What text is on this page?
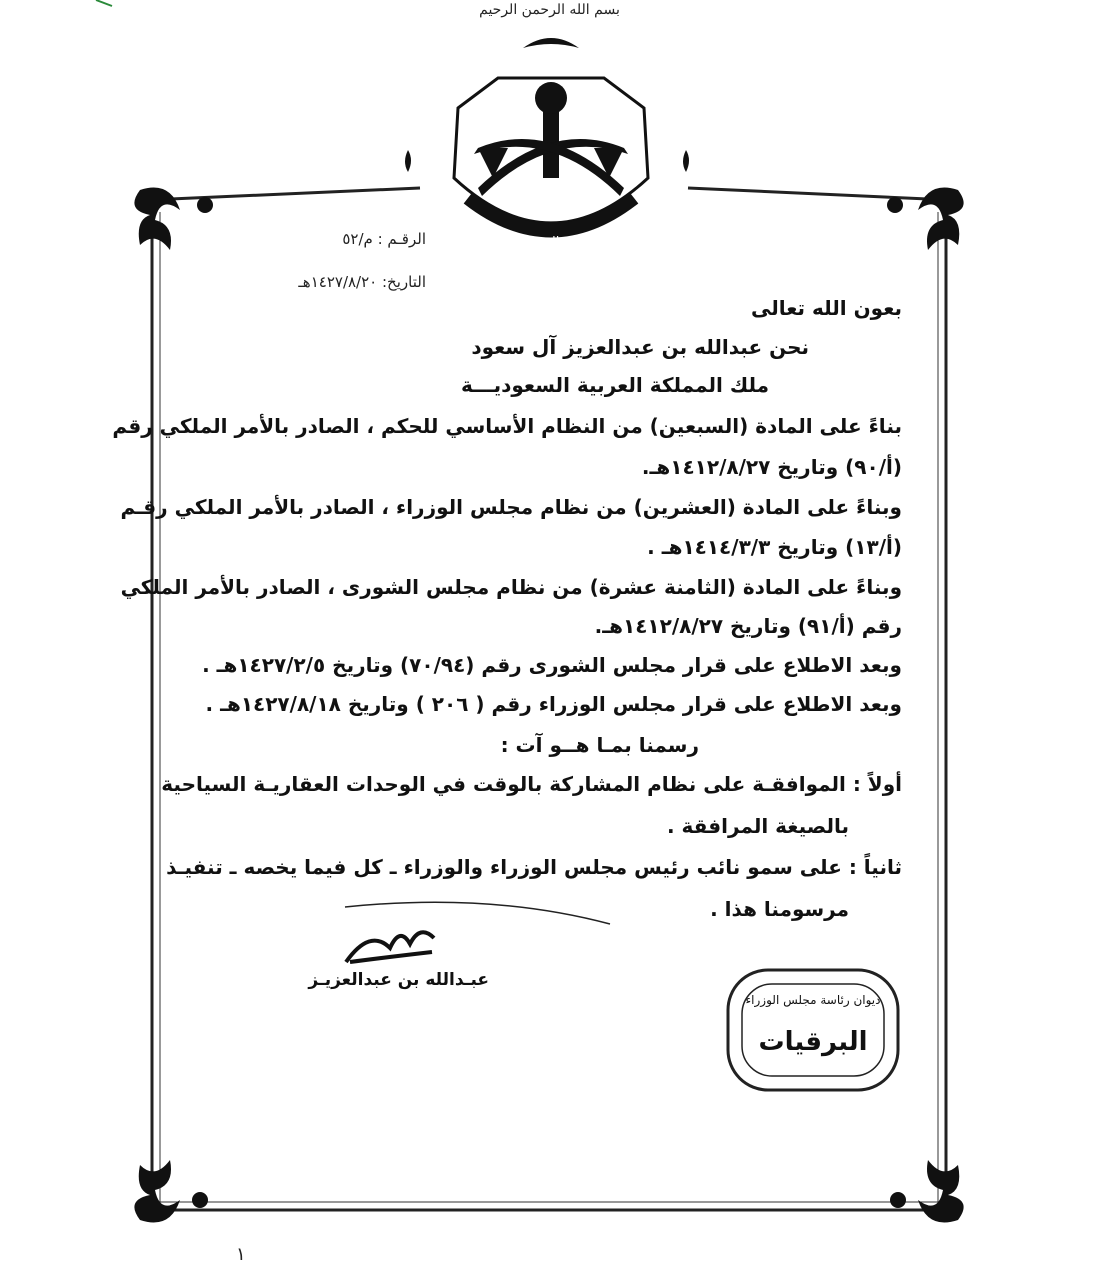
بسم الله الرحمن الرحيم
ملك المملكة العربية السعودية
الرقـم : م/٥٢
التاريخ: ١٤٢٧/٨/٢٠هـ
بعون الله تعالى
نحن عبدالله بن عبدالعزيز آل سعود
ملك المملكة العربية السعوديـــة
بناءً على المادة (السبعين) من النظام الأساسي للحكم ، الصادر بالأمر الملكي رقم
(أ/٩٠) وتاريخ ١٤١٢/٨/٢٧هـ.
وبناءً على المادة (العشرين) من نظام مجلس الوزراء ، الصادر بالأمر الملكي رقـم
(أ/١٣) وتاريخ ١٤١٤/٣/٣هـ .
وبناءً على المادة (الثامنة عشرة) من نظام مجلس الشورى ، الصادر بالأمر الملكي
رقم (أ/٩١) وتاريخ ١٤١٢/٨/٢٧هـ.
وبعد الاطلاع على قرار مجلس الشورى رقم (٧٠/٩٤) وتاريخ ١٤٢٧/٢/٥هـ .
وبعد الاطلاع على قرار مجلس الوزراء رقم ( ٢٠٦ ) وتاريخ ١٤٢٧/٨/١٨هـ .
رسمنا بمـا هــو آت :
أولاً : الموافقـة على نظام المشاركة بالوقت في الوحدات العقاريـة السياحية
بالصيغة المرافقة .
ثانياً : على سمو نائب رئيس مجلس الوزراء والوزراء ـ كل فيما يخصه ـ تنفيـذ
مرسومنا هذا .
عبـدالله بن عبدالعزيـز
ديوان رئاسة مجلس الوزراء
البرقيات
١
